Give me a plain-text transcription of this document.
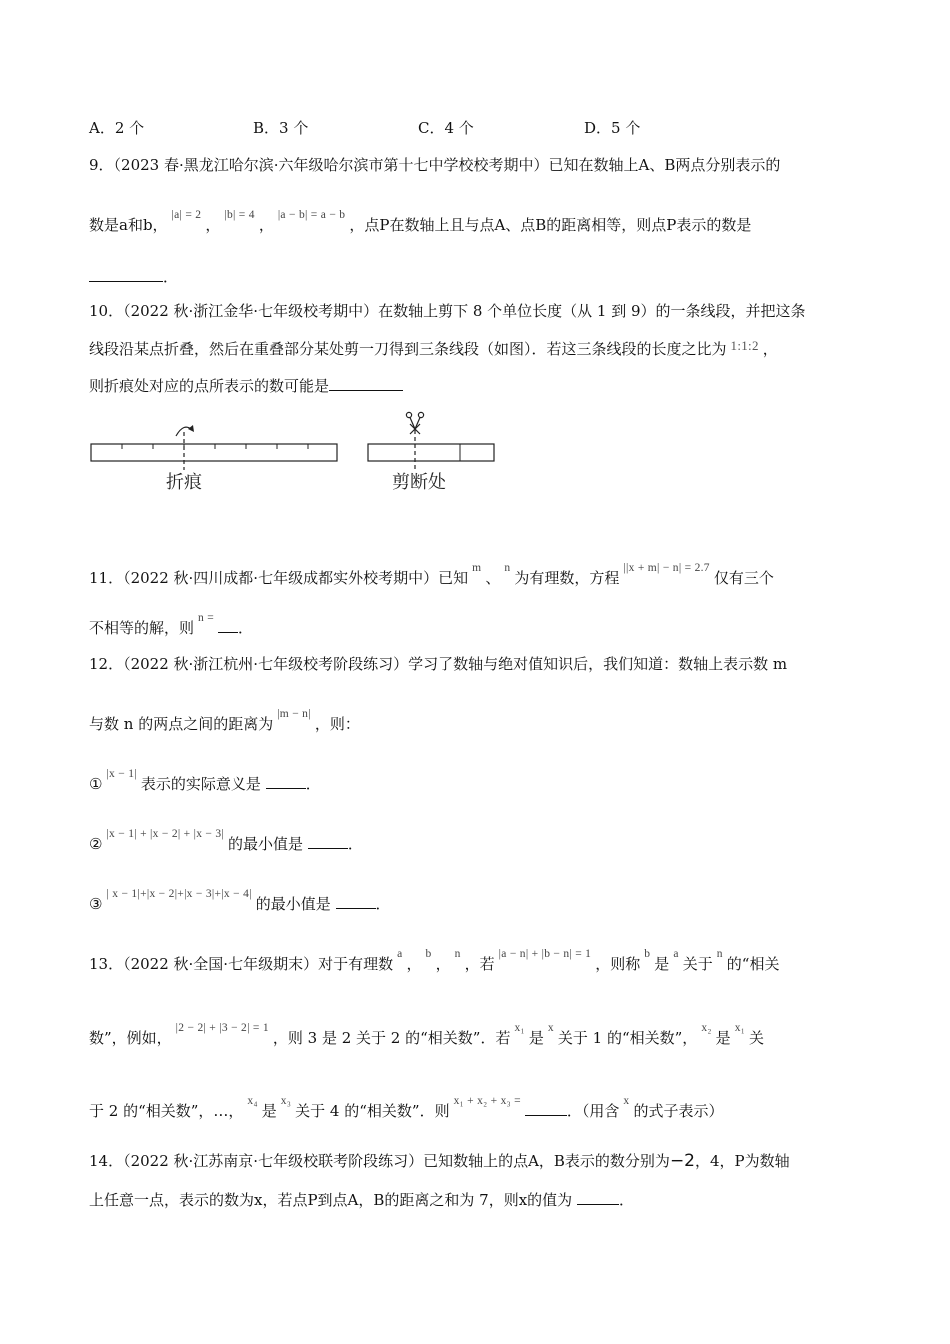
A．2 个	B．3 个	C．4 个	D．5 个
9．（2023 春·黑龙江哈尔滨·六年级哈尔滨市第十七中学校校考期中）已知在数轴上A、B两点分别表示的
数是a和b，|a| = 2，|b| = 4，|a − b| = a − b，点P在数轴上且与点A、点B的距离相等，则点P表示的数是
．
10．（2022 秋·浙江金华·七年级校考期中）在数轴上剪下 8 个单位长度（从 1 到 9）的一条线段，并把这条
线段沿某点折叠，然后在重叠部分某处剪一刀得到三条线段（如图）．若这三条线段的长度之比为 1:1:2 ，
则折痕处对应的点所表示的数可能是
折痕	剪断处
11．（2022 秋·四川成都·七年级成都实外校考期中）已知m、n为有理数，方程||x + m| − n| = 2.7仅有三个
不相等的解，则n =．
12．（2022 秋·浙江杭州·七年级校考阶段练习）学习了数轴与绝对值知识后，我们知道：数轴上表示数 m
与数 n 的两点之间的距离为|m − n|，则：
①|x − 1|表示的实际意义是	．
②|x − 1| + |x − 2| + |x − 3|的最小值是	．
③| x − 1|+|x − 2|+|x − 3|+|x − 4|的最小值是	．
13．（2022 秋·全国·七年级期末）对于有理数a，b，n，若|a − n| + |b − n| = 1，则称b是a关于n的“相关
数”，例如，|2 − 2| + |3 − 2| = 1，则 3 是 2 关于 2 的“相关数”．若x₁是x关于 1 的“相关数”，x₂是x₁关
于 2 的“相关数”，…，x₄是x₃关于 4 的“相关数”．则x₁ + x₂ + x₃ =．（用含x的式子表示）
14．（2022 秋·江苏南京·七年级校联考阶段练习）已知数轴上的点A，B表示的数分别为−2，4，P为数轴
上任意一点，表示的数为x，若点P到点A，B的距离之和为 7，则x的值为	．
